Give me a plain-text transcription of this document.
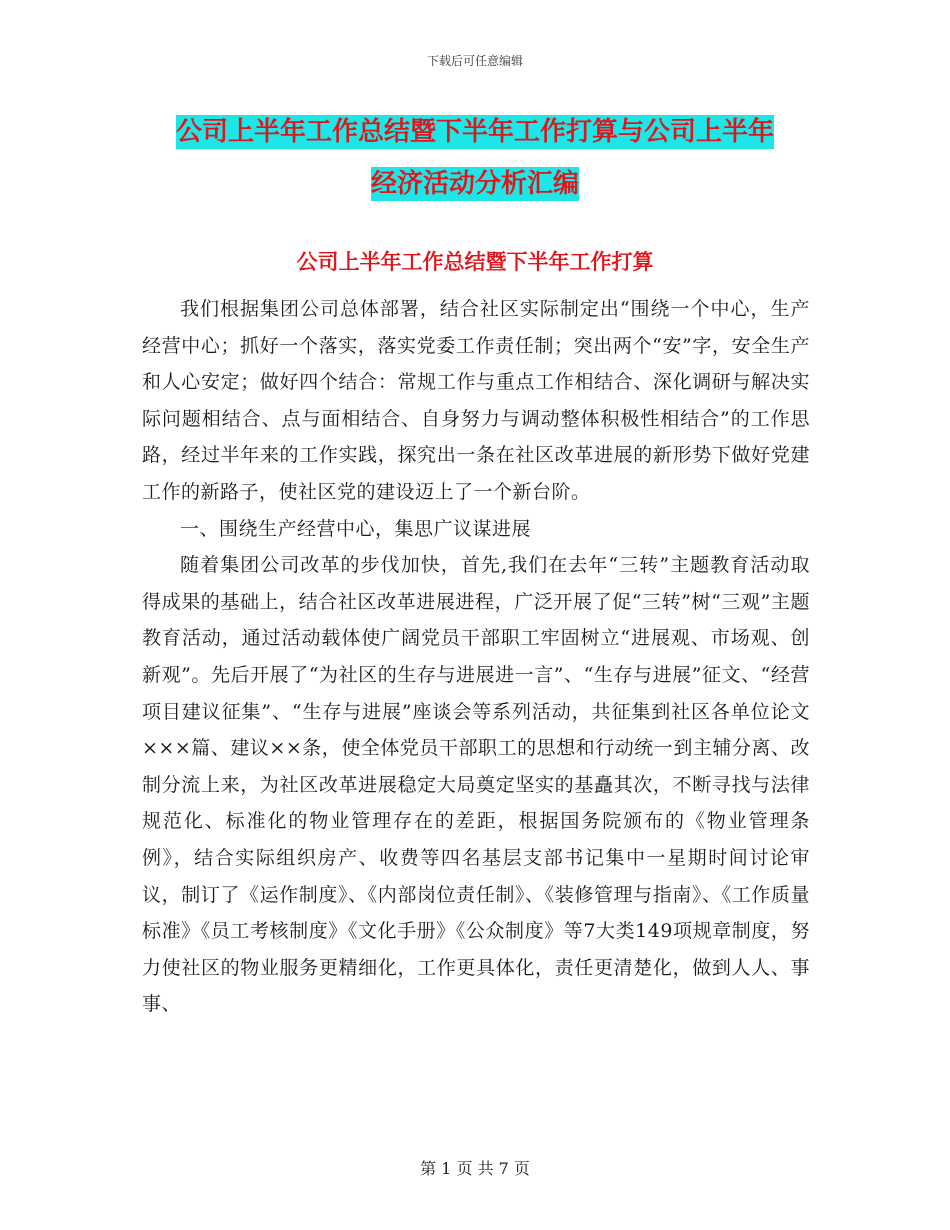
下载后可任意编辑
公司上半年工作总结暨下半年工作打算与公司上半年
经济活动分析汇编
公司上半年工作总结暨下半年工作打算

我们根据集团公司总体部署，结合社区实际制定出“围绕一个中心，生产经营中心；抓好一个落实，落实党委工作责任制；突出两个“安”字，安全生产和人心安定；做好四个结合：常规工作与重点工作相结合、深化调研与解决实际问题相结合、点与面相结合、自身努力与调动整体积极性相结合”的工作思路，经过半年来的工作实践，探究出一条在社区改革进展的新形势下做好党建工作的新路子，使社区党的建设迈上了一个新台阶。

一、围绕生产经营中心，集思广议谋进展

随着集团公司改革的步伐加快，首先,我们在去年“三转”主题教育活动取得成果的基础上，结合社区改革进展进程，广泛开展了促“三转”树“三观”主题教育活动，通过活动载体使广阔党员干部职工牢固树立“进展观、市场观、创新观”。先后开展了“为社区的生存与进展进一言”、“生存与进展”征文、“经营项目建议征集”、“生存与进展”座谈会等系列活动，共征集到社区各单位论文×××篇、建议××条，使全体党员干部职工的思想和行动统一到主辅分离、改制分流上来，为社区改革进展稳定大局奠定坚实的基矗其次，不断寻找与法律规范化、标准化的物业管理存在的差距，根据国务院颁布的《物业管理条例》，结合实际组织房产、收费等四名基层支部书记集中一星期时间讨论审议，制订了《运作制度》、《内部岗位责任制》、《装修管理与指南》、《工作质量标准》《员工考核制度》《文化手册》《公众制度》等7大类149项规章制度，努力使社区的物业服务更精细化，工作更具体化，责任更清楚化，做到人人、事事、

第 1 页 共 7 页
